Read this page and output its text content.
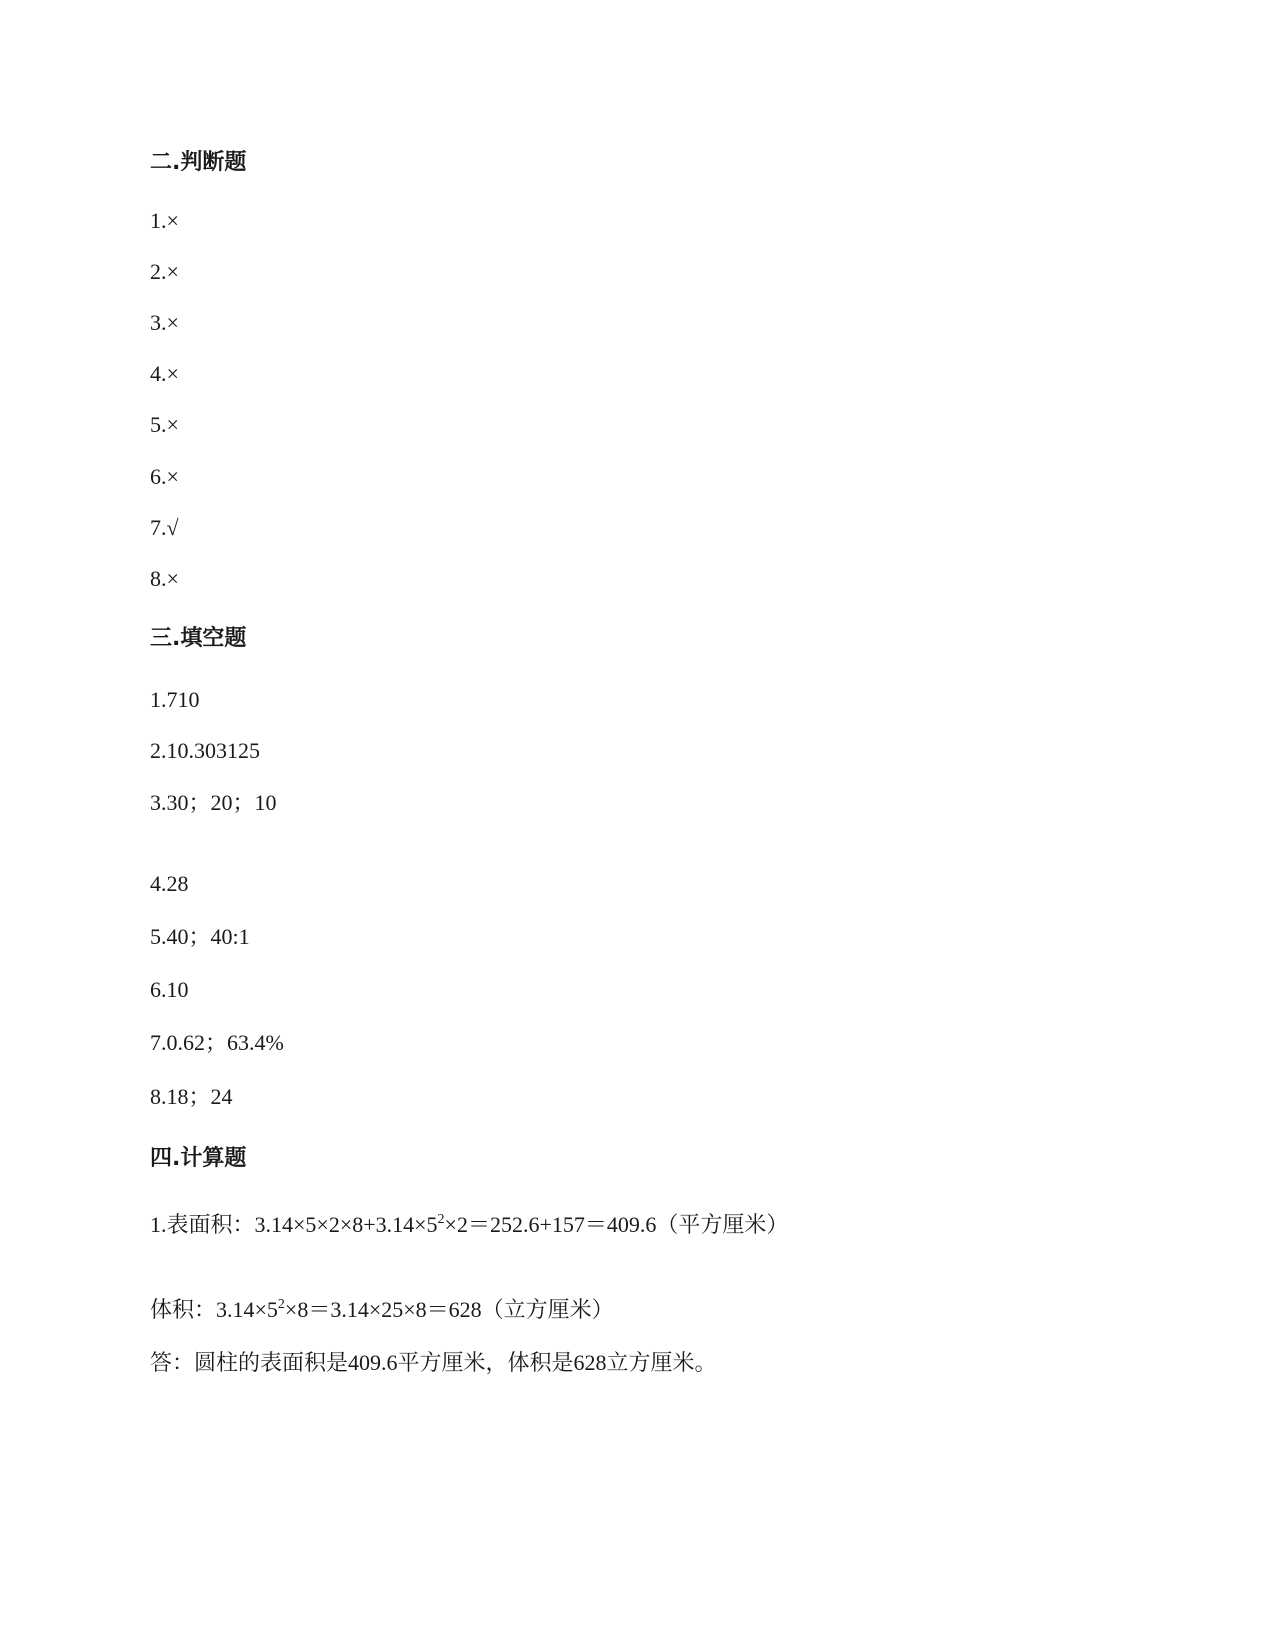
二.判断题
1.×
2.×
3.×
4.×
5.×
6.×
7.√
8.×
三.填空题
1.710
2.10.303125
3.30；20；10
4.28
5.40；40:1
6.10
7.0.62；63.4%
8.18；24
四.计算题
1.表面积：$3.14\times 5\times 2\times 8+3.14\times 5^2\times 2=252.6+157=409.6$（平方厘米）
体积：$3.14\times 5^2\times 8=3.14\times 25\times 8=628$（立方厘米）
答：圆柱的表面积是409.6平方厘米，体积是628立方厘米。
